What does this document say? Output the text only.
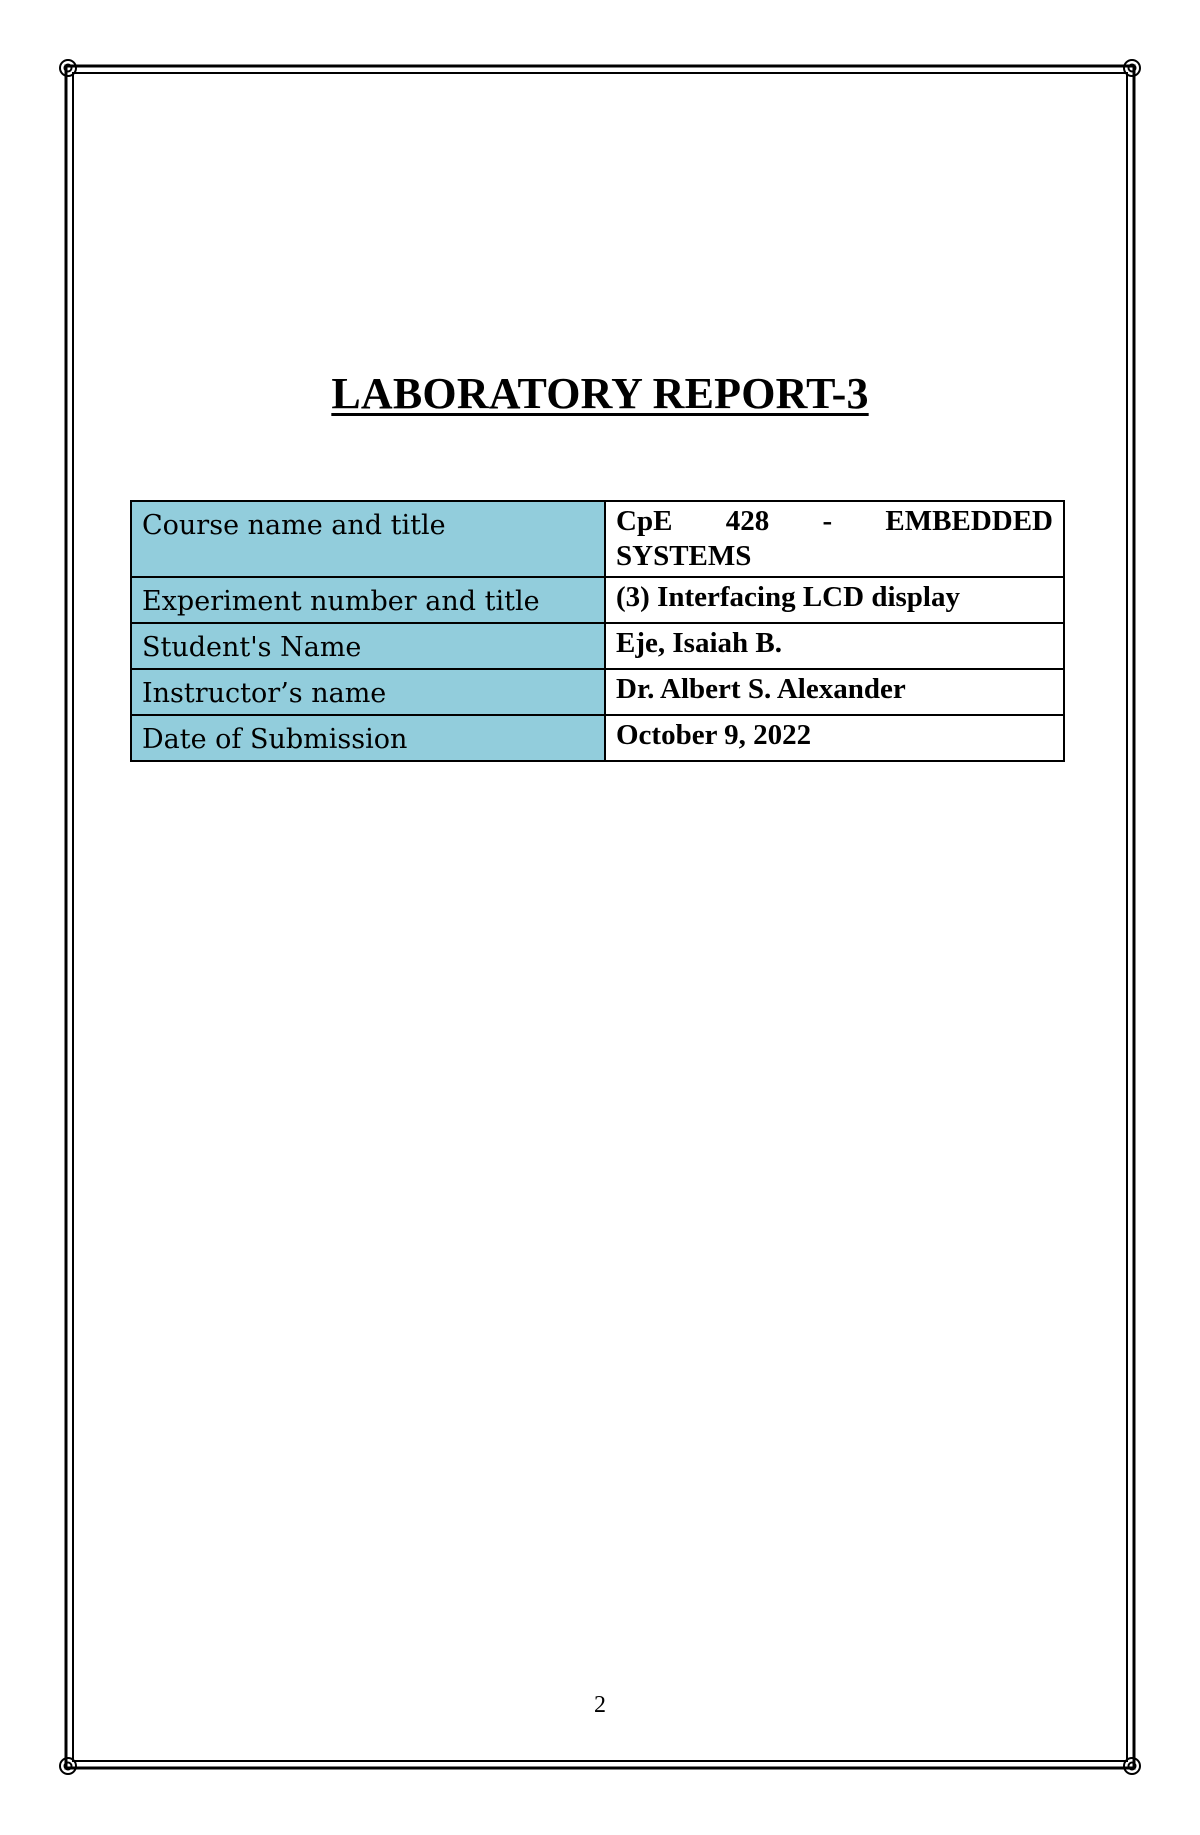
LABORATORY REPORT-3
Course name and title	CpE 428 - EMBEDDED SYSTEMS
Experiment number and title	(3) Interfacing LCD display
Student's Name	Eje, Isaiah B.
Instructor’s name	Dr. Albert S. Alexander
Date of Submission	October 9, 2022
2
